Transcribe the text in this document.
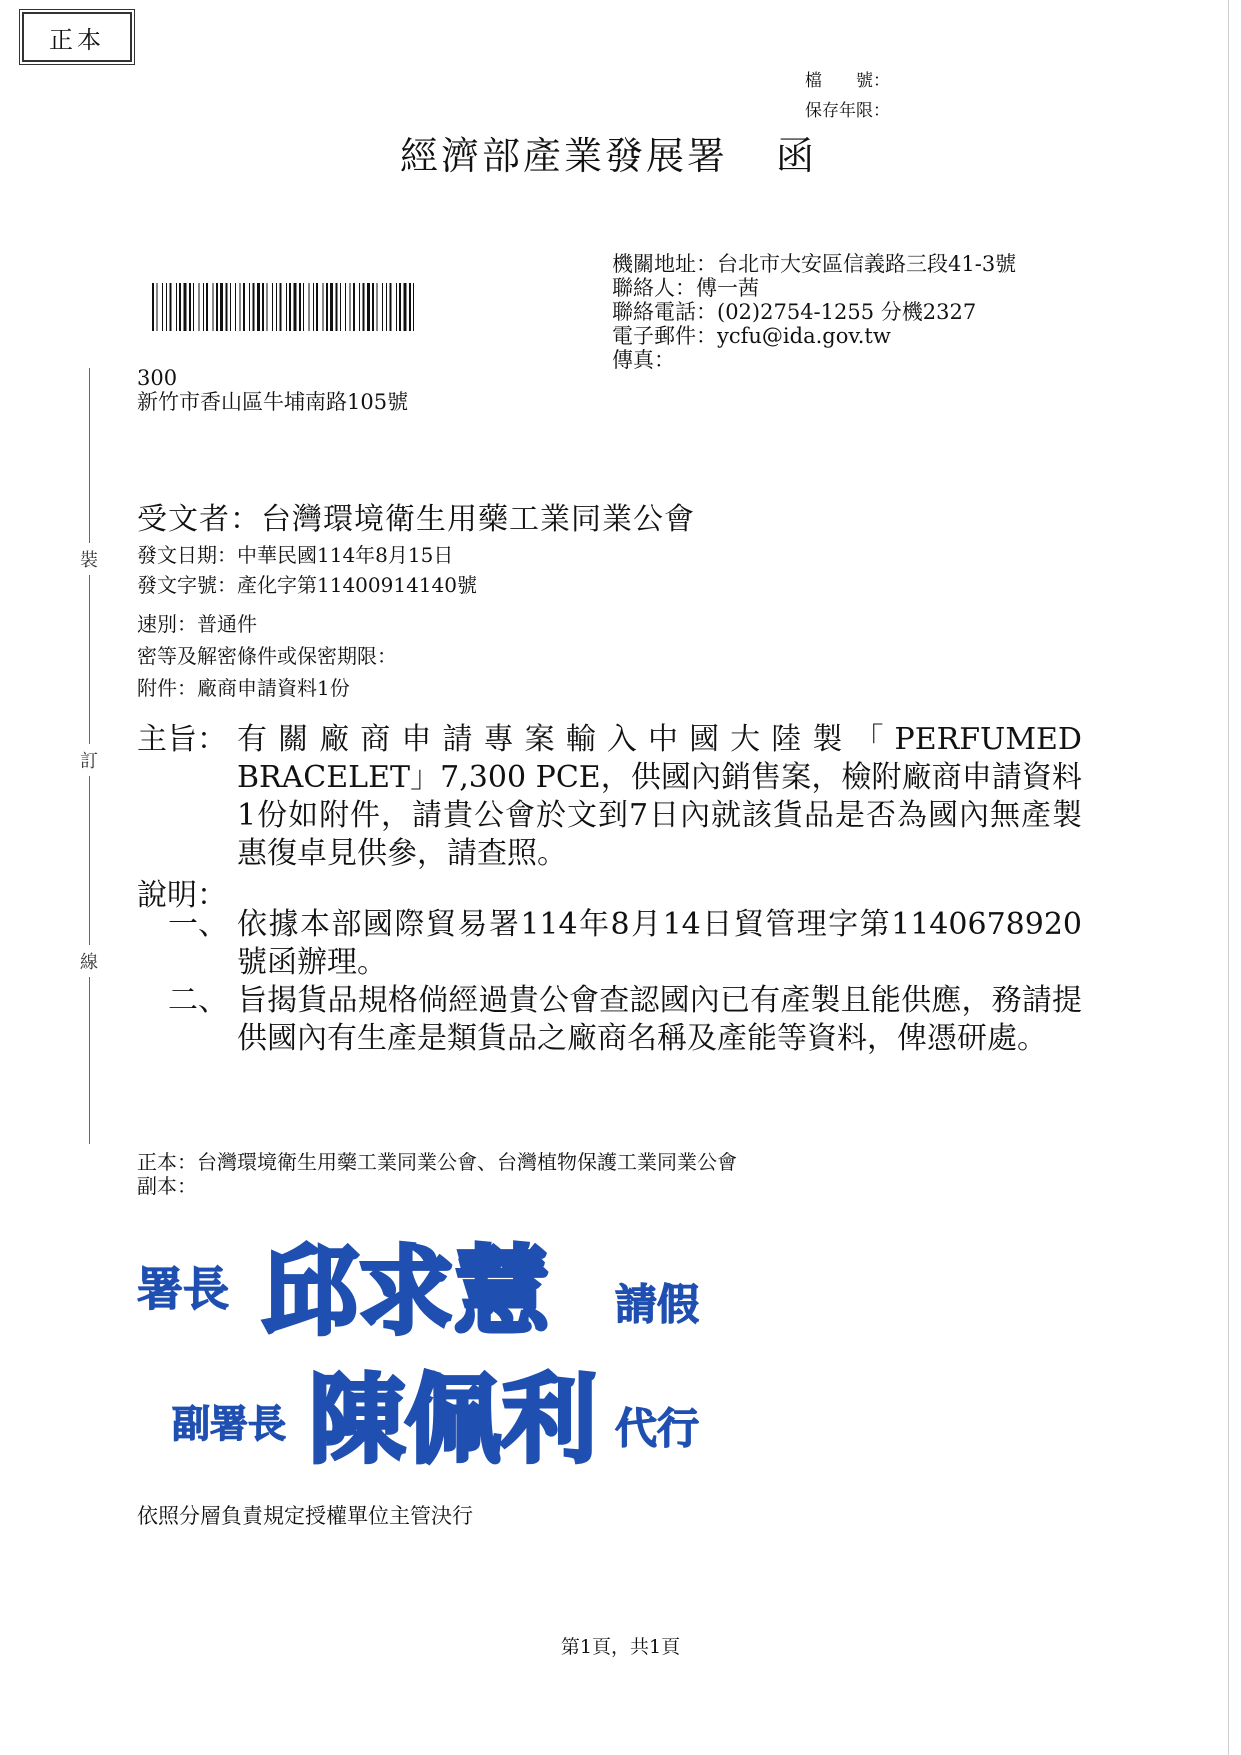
正本
檔　　號：
保存年限：
經濟部產業發展署 函
機關地址：台北市大安區信義路三段41-3號
聯絡人：傅一茜
聯絡電話：(02)2754-1255 分機2327
電子郵件：ycfu@ida.gov.tw
傳真：
300
新竹市香山區牛埔南路105號
裝
訂
線
受文者：台灣環境衛生用藥工業同業公會
發文日期：中華民國114年8月15日
發文字號：產化字第11400914140號
速別：普通件
密等及解密條件或保密期限：
附件：廠商申請資料1份
主旨： 有關廠商申請專案輸入中國大陸製「PERFUMED BRACELET」7,300 PCE，供國內銷售案，檢附廠商申請資料1份如附件，請貴公會於文到7日內就該貨品是否為國內無產製惠復卓見供參，請查照。
說明：
一、 依據本部國際貿易署114年8月14日貿管理字第1140678920號函辦理。
二、 旨揭貨品規格倘經過貴公會查認國內已有產製且能供應，務請提供國內有生產是類貨品之廠商名稱及產能等資料，俾憑研處。
正本：台灣環境衛生用藥工業同業公會、台灣植物保護工業同業公會
副本：
署長 邱求慧 請假
副署長 陳佩利 代行
依照分層負責規定授權單位主管決行
第1頁，共1頁
